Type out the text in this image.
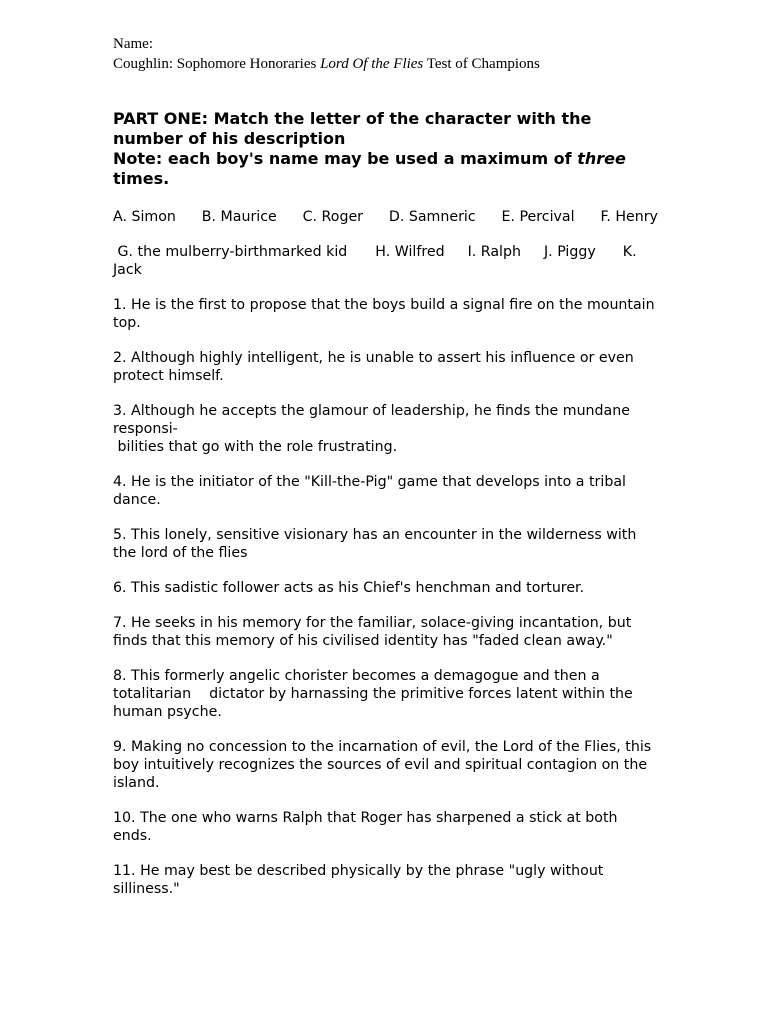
Name:
Coughlin: Sophomore Honoraries Lord Of the Flies Test of Champions
PART ONE: Match the letter of the character with the number of his description
Note: each boy's name may be used a maximum of three times.
A. Simon B. Maurice C. Roger D. Samneric E. Percival F. Henry
G. the mulberry-birthmarked kid H. Wilfred I. Ralph J. Piggy K. Jack
1. He is the first to propose that the boys build a signal fire on the mountain top.
2. Although highly intelligent, he is unable to assert his influence or even protect himself.
3. Although he accepts the glamour of leadership, he finds the mundane responsi-
bilities that go with the role frustrating.
4. He is the initiator of the "Kill-the-Pig" game that develops into a tribal dance.
5. This lonely, sensitive visionary has an encounter in the wilderness with the lord of the flies
6. This sadistic follower acts as his Chief's henchman and torturer.
7. He seeks in his memory for the familiar, solace-giving incantation, but finds that this memory of his civilised identity has "faded clean away."
8. This formerly angelic chorister becomes a demagogue and then a totalitarian    dictator by harnassing the primitive forces latent within the human psyche.
9. Making no concession to the incarnation of evil, the Lord of the Flies, this boy intuitively recognizes the sources of evil and spiritual contagion on the island.
10. The one who warns Ralph that Roger has sharpened a stick at both ends.
11. He may best be described physically by the phrase "ugly without silliness."
